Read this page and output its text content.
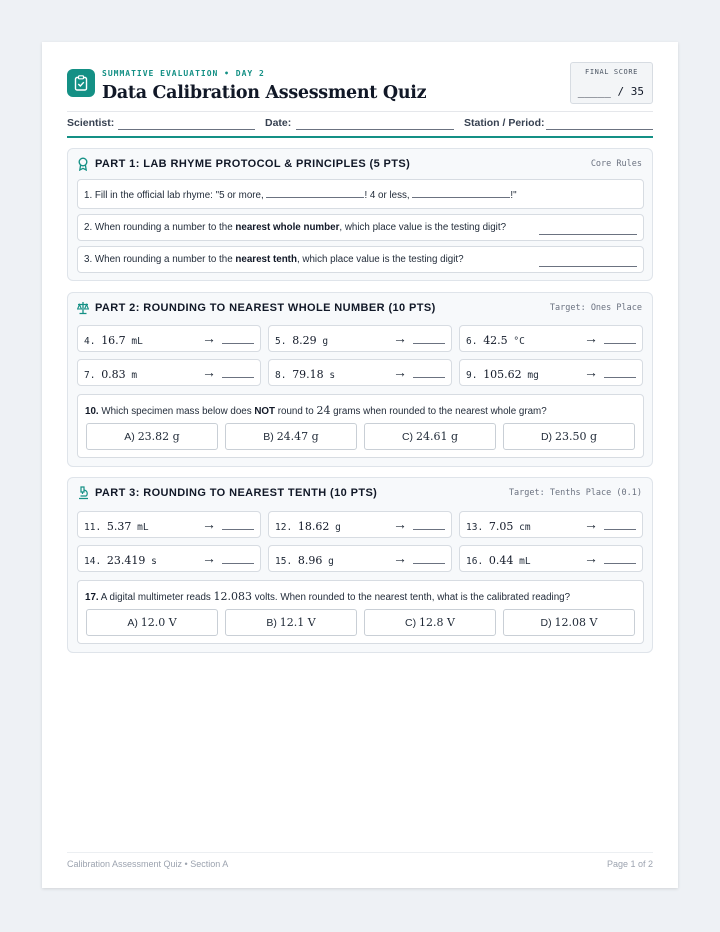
SUMMATIVE EVALUATION • DAY 2
Data Calibration Assessment Quiz
FINAL SCORE
_____ / 35
Scientist:	Date:	Station / Period:
PART 1: LAB RHYME PROTOCOL & PRINCIPLES (5 PTS)	Core Rules
1. Fill in the official lab rhyme: "5 or more,	! 4 or less,	!"
2. When rounding a number to the nearest whole number, which place value is the testing digit?
3. When rounding a number to the nearest tenth, which place value is the testing digit?
PART 2: ROUNDING TO NEAREST WHOLE NUMBER (10 PTS)	Target: Ones Place
4. 16.7 mL	→	5. 8.29 g	→	6. 42.5 °C	→
7. 0.83 m	→	8. 79.18 s	→	9. 105.62 mg	→
10. Which specimen mass below does NOT round to 24 grams when rounded to the nearest whole gram?
A) 23.82 g	B) 24.47 g	C) 24.61 g	D) 23.50 g
PART 3: ROUNDING TO NEAREST TENTH (10 PTS)	Target: Tenths Place (0.1)
11. 5.37 mL	→	12. 18.62 g	→	13. 7.05 cm	→
14. 23.419 s	→	15. 8.96 g	→	16. 0.44 mL	→
17. A digital multimeter reads 12.083 volts. When rounded to the nearest tenth, what is the calibrated reading?
A) 12.0 V	B) 12.1 V	C) 12.8 V	D) 12.08 V
Calibration Assessment Quiz • Section A	Page 1 of 2
